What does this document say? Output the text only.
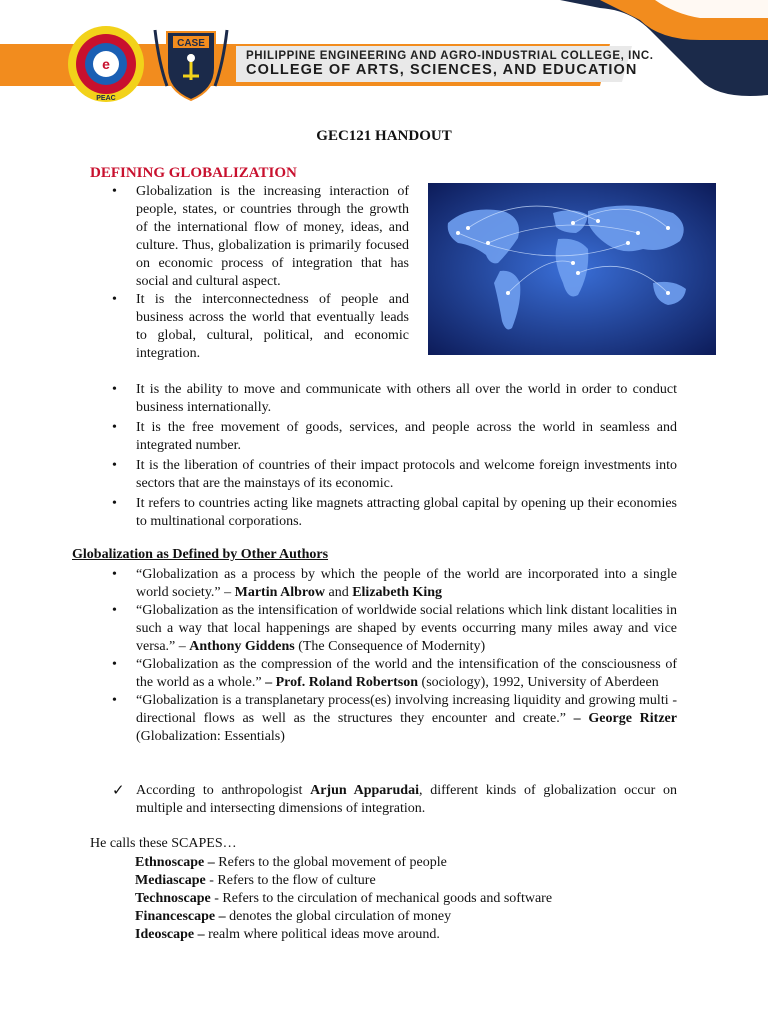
e
PEAC
CASE
PHILIPPINE ENGINEERING AND AGRO-INDUSTRIAL COLLEGE, INC.
COLLEGE OF ARTS, SCIENCES, AND EDUCATION
GEC121 HANDOUT
DEFINING GLOBALIZATION
• Globalization is the increasing interaction of people, states, or countries through the growth of the international flow of money, ideas, and culture. Thus, globalization is primarily focused on economic process of integration that has social and cultural aspect.
• It is the interconnectedness of people and business across the world that eventually leads to global, cultural, political, and economic integration.
• It is the ability to move and communicate with others all over the world in order to conduct business internationally.
• It is the free movement of goods, services, and people across the world in seamless and integrated number.
• It is the liberation of countries of their impact protocols and welcome foreign investments into sectors that are the mainstays of its economic.
• It refers to countries acting like magnets attracting global capital by opening up their economies to multinational corporations.
Globalization as Defined by Other Authors
• “Globalization as a process by which the people of the world are incorporated into a single world society.” – Martin Albrow and Elizabeth King
• “Globalization as the intensification of worldwide social relations which link distant localities in such a way that local happenings are shaped by events occurring many miles away and vice versa.” – Anthony Giddens (The Consequence of Modernity)
• “Globalization as the compression of the world and the intensification of the consciousness of the world as a whole.” – Prof. Roland Robertson (sociology), 1992, University of Aberdeen
• “Globalization is a transplanetary process(es) involving increasing liquidity and growing multi - directional flows as well as the structures they encounter and create.” – George Ritzer (Globalization: Essentials)
✓ According to anthropologist Arjun Apparudai, different kinds of globalization occur on multiple and intersecting dimensions of integration.
He calls these SCAPES…
Ethnoscape – Refers to the global movement of people
Mediascape - Refers to the flow of culture
Technoscape - Refers to the circulation of mechanical goods and software
Financescape – denotes the global circulation of money
Ideoscape – realm where political ideas move around.
